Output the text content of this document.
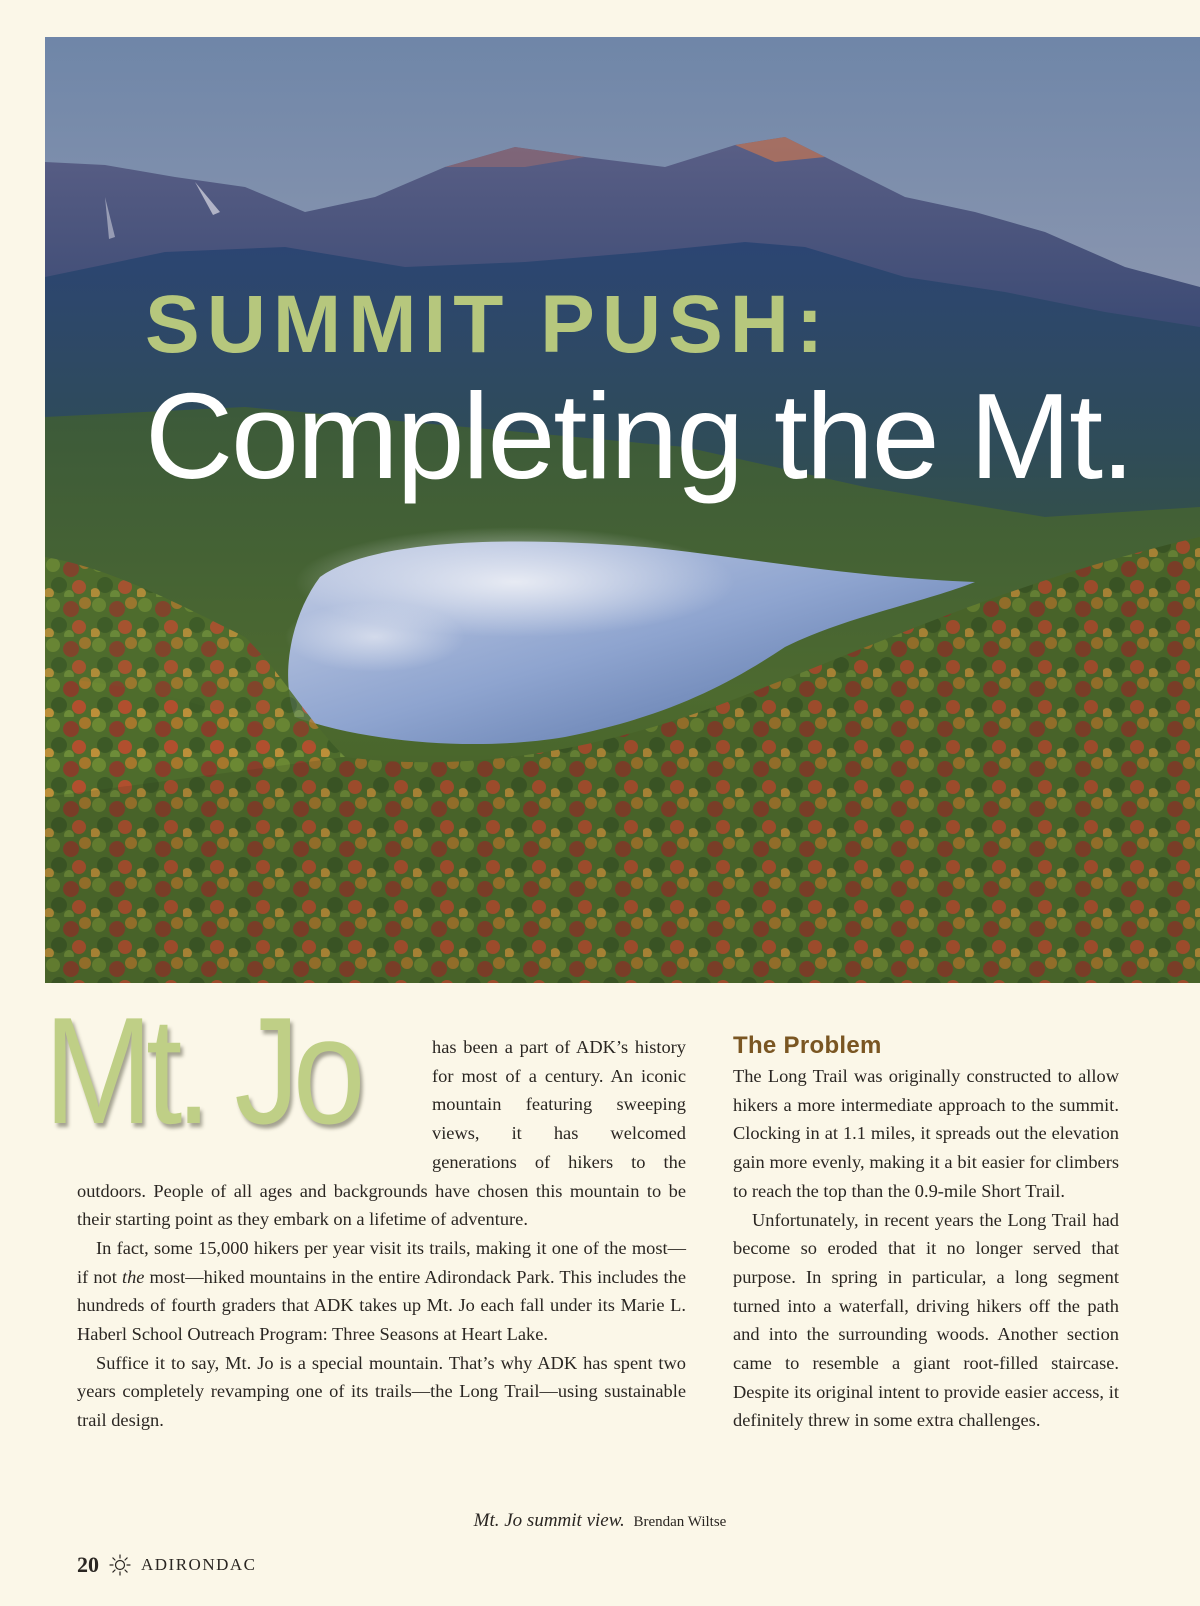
SUMMIT PUSH:
Completing the Mt.
Mt. Jo	has been a part of ADK’s history for most of a century. An iconic mountain featuring sweeping views, it has welcomed generations of hikers to the outdoors. People of all ages and backgrounds have chosen this mountain to be their starting point as they embark on a lifetime of adventure.

In fact, some 15,000 hikers per year visit its trails, making it one of the most—if not the most—hiked mountains in the entire Adirondack Park. This includes the hundreds of fourth graders that ADK takes up Mt. Jo each fall under its Marie L. Haberl School Outreach Program: Three Seasons at Heart Lake.

Suffice it to say, Mt. Jo is a special mountain. That’s why ADK has spent two years completely revamping one of its trails—the Long Trail—using sustainable trail design.

The Problem

The Long Trail was originally constructed to allow hikers a more intermediate approach to the summit. Clocking in at 1.1 miles, it spreads out the elevation gain more evenly, making it a bit easier for climbers to reach the top than the 0.9-mile Short Trail.

Unfortunately, in recent years the Long Trail had become so eroded that it no longer served that purpose. In spring in particular, a long segment turned into a waterfall, driving hikers off the path and into the surrounding woods. Another section came to resemble a giant root-filled staircase. Despite its original intent to provide easier access, it definitely threw in some extra challenges.

Mt. Jo summit view. Brendan Wiltse
20 ADIRONDAC
